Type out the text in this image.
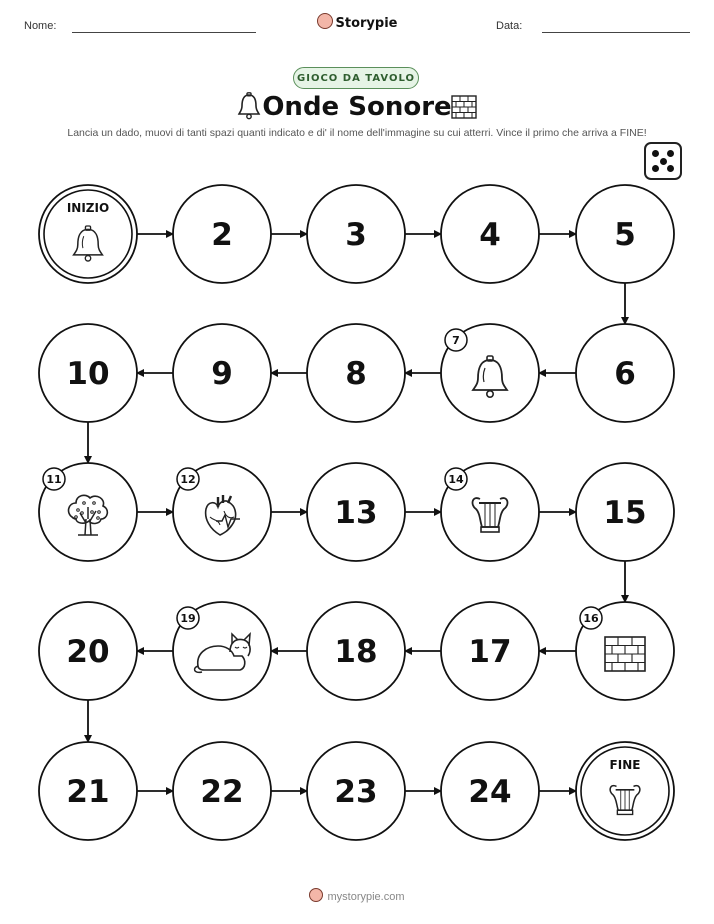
Nome:	Storypie	Data:
GIOCO DA TAVOLO
Onde Sonore
Lancia un dado, muovi di tanti spazi quanti indicato e di' il nome dell'immagine su cui atterri. Vince il primo che arriva a FINE!
INIZIO
2	3	4	5
6
7
8
9
10
11	12
13
14
15
16
17
18
19
20
21	22	23	24
FINE
mystorypie.com
